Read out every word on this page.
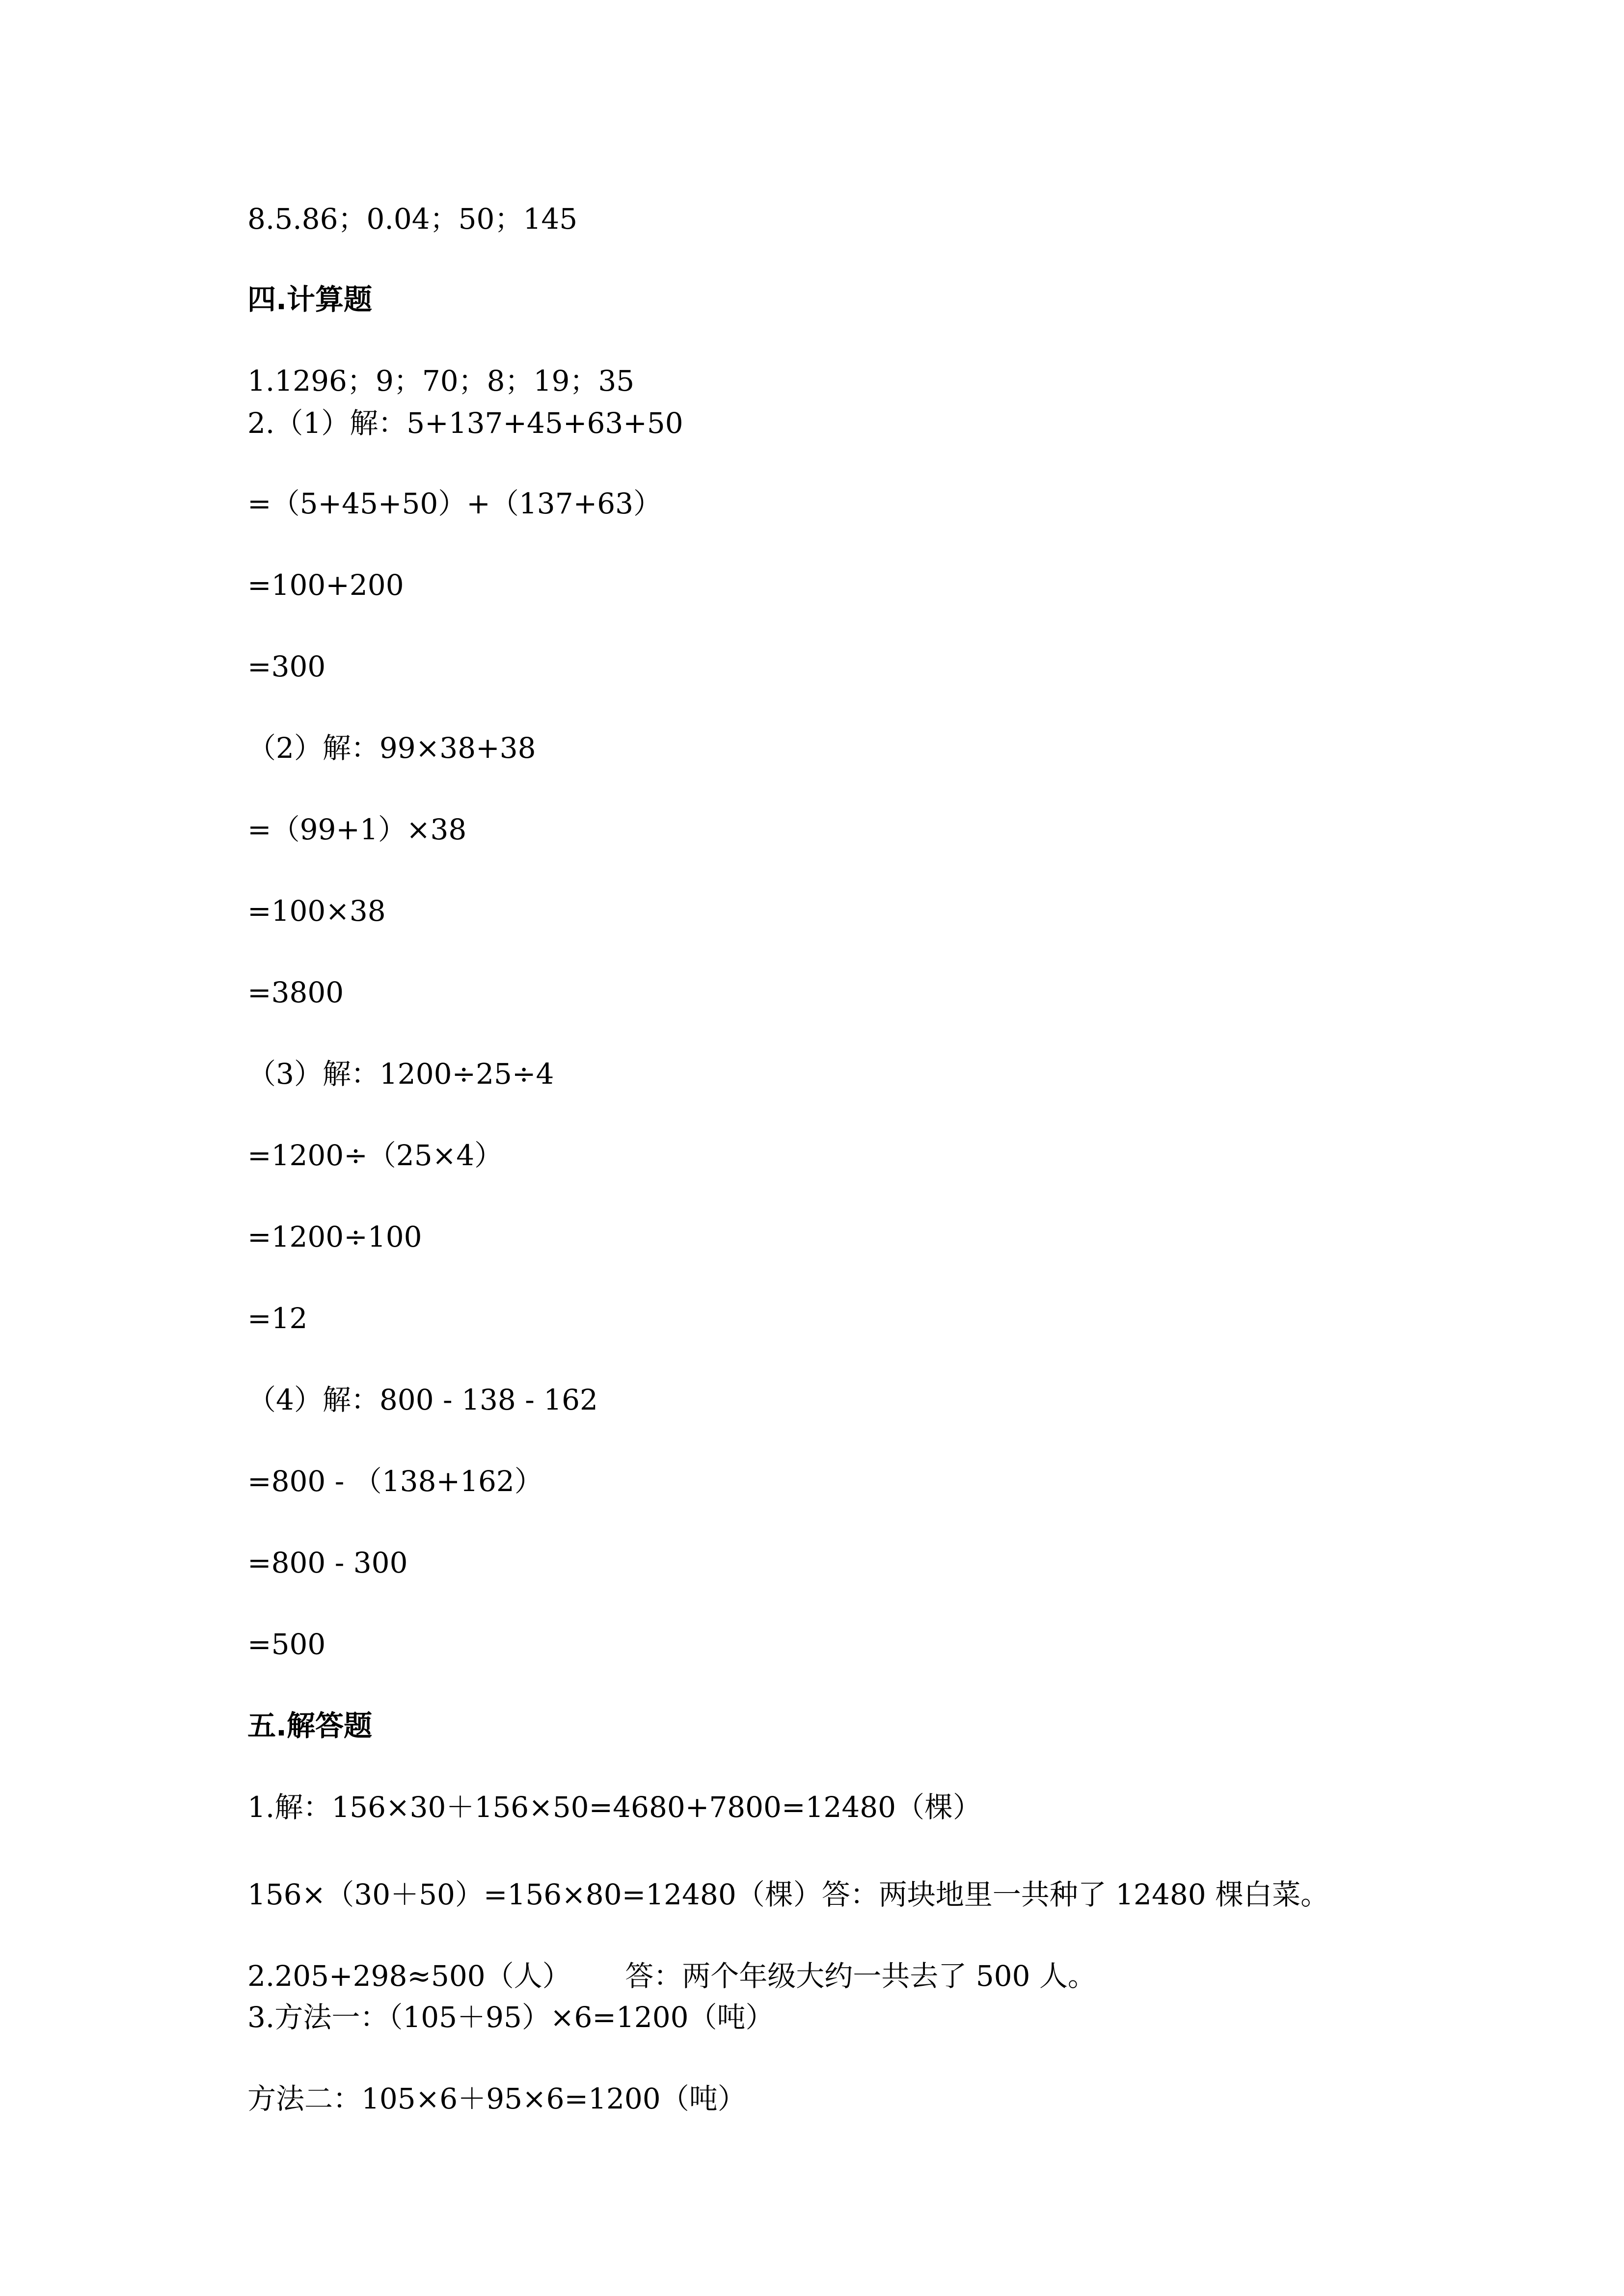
8.5.86；0.04；50；145
四.计算题
1.1296；9；70；8；19；35
2.（1）解：5+137+45+63+50
=（5+45+50）+（137+63）
=100+200
=300
（2）解：99×38+38
=（99+1）×38
=100×38
=3800
（3）解：1200÷25÷4
=1200÷（25×4）
=1200÷100
=12
（4）解：800 - 138 - 162
=800 - （138+162）
=800 - 300
=500
五.解答题
1.解：156×30＋156×50=4680+7800=12480（棵）
156×（30＋50）=156×80=12480（棵）答：两块地里一共种了 12480 棵白菜。
2.205+298≈500（人）      答：两个年级大约一共去了 500 人。
3.方法一：（105＋95）×6=1200（吨）
方法二：105×6＋95×6=1200（吨）
